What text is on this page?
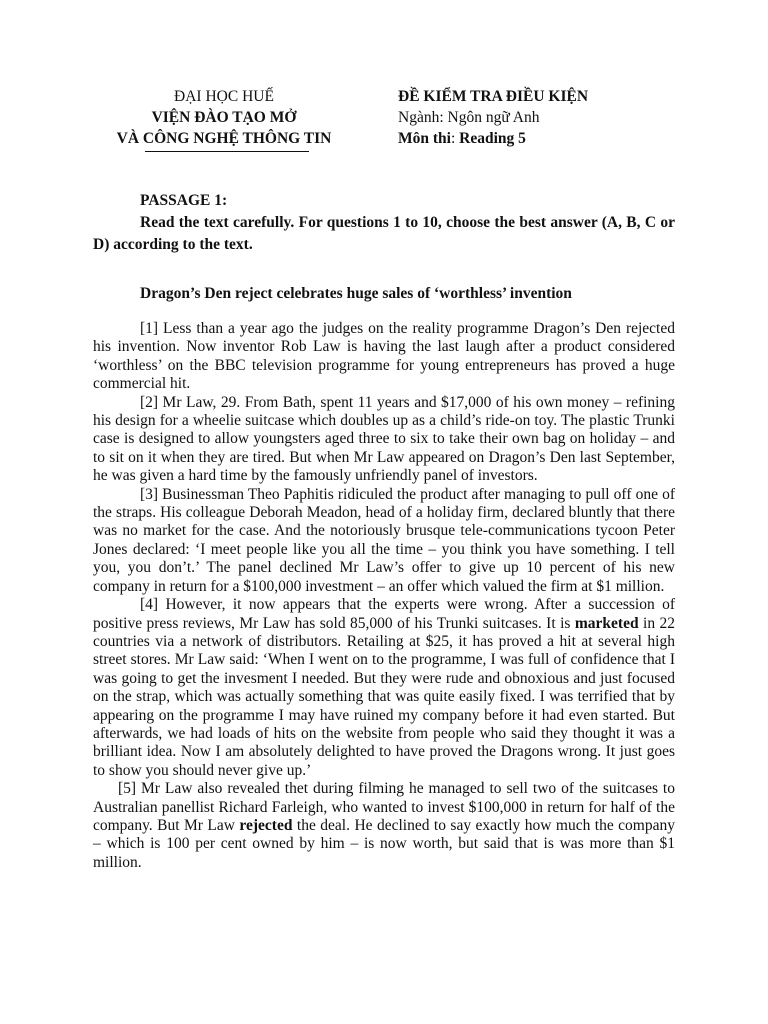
ĐẠI HỌC HUẾ
VIỆN ĐÀO TẠO MỞ
VÀ CÔNG NGHỆ THÔNG TIN
ĐỀ KIỂM TRA ĐIỀU KIỆN
Ngành: Ngôn ngữ Anh
Môn thi: Reading 5
PASSAGE 1:
Read the text carefully. For questions 1 to 10, choose the best answer (A, B, C or D) according to the text.
Dragon’s Den reject celebrates huge sales of ‘worthless’ invention

[1] Less than a year ago the judges on the reality programme Dragon’s Den rejected his invention. Now inventor Rob Law is having the last laugh after a product considered ‘worthless’ on the BBC television programme for young entrepreneurs has proved a huge commercial hit.

[2] Mr Law, 29. From Bath, spent 11 years and $17,000 of his own money – refining his design for a wheelie suitcase which doubles up as a child’s ride-on toy. The plastic Trunki case is designed to allow youngsters aged three to six to take their own bag on holiday – and to sit on it when they are tired. But when Mr Law appeared on Dragon’s Den last September, he was given a hard time by the famously unfriendly panel of investors.

[3] Businessman Theo Paphitis ridiculed the product after managing to pull off one of the straps. His colleague Deborah Meadon, head of a holiday firm, declared bluntly that there was no market for the case. And the notoriously brusque tele-communications tycoon Peter Jones declared: ‘I meet people like you all the time – you think you have something. I tell you, you don’t.’ The panel declined Mr Law’s offer to give up 10 percent of his new company in return for a $100,000 investment – an offer which valued the firm at $1 million.

[4] However, it now appears that the experts were wrong. After a succession of positive press reviews, Mr Law has sold 85,000 of his Trunki suitcases. It is marketed in 22 countries via a network of distributors. Retailing at $25, it has proved a hit at several high street stores. Mr Law said: ‘When I went on to the programme, I was full of confidence that I was going to get the invesment I needed. But they were rude and obnoxious and just focused on the strap, which was actually something that was quite easily fixed. I was terrified that by appearing on the programme I may have ruined my company before it had even started. But afterwards, we had loads of hits on the website from people who said they thought it was a brilliant idea. Now I am absolutely delighted to have proved the Dragons wrong. It just goes to show you should never give up.’

[5] Mr Law also revealed thet during filming he managed to sell two of the suitcases to Australian panellist Richard Farleigh, who wanted to invest $100,000 in return for half of the company. But Mr Law rejected the deal. He declined to say exactly how much the company – which is 100 per cent owned by him – is now worth, but said that is was more than $1 million.
